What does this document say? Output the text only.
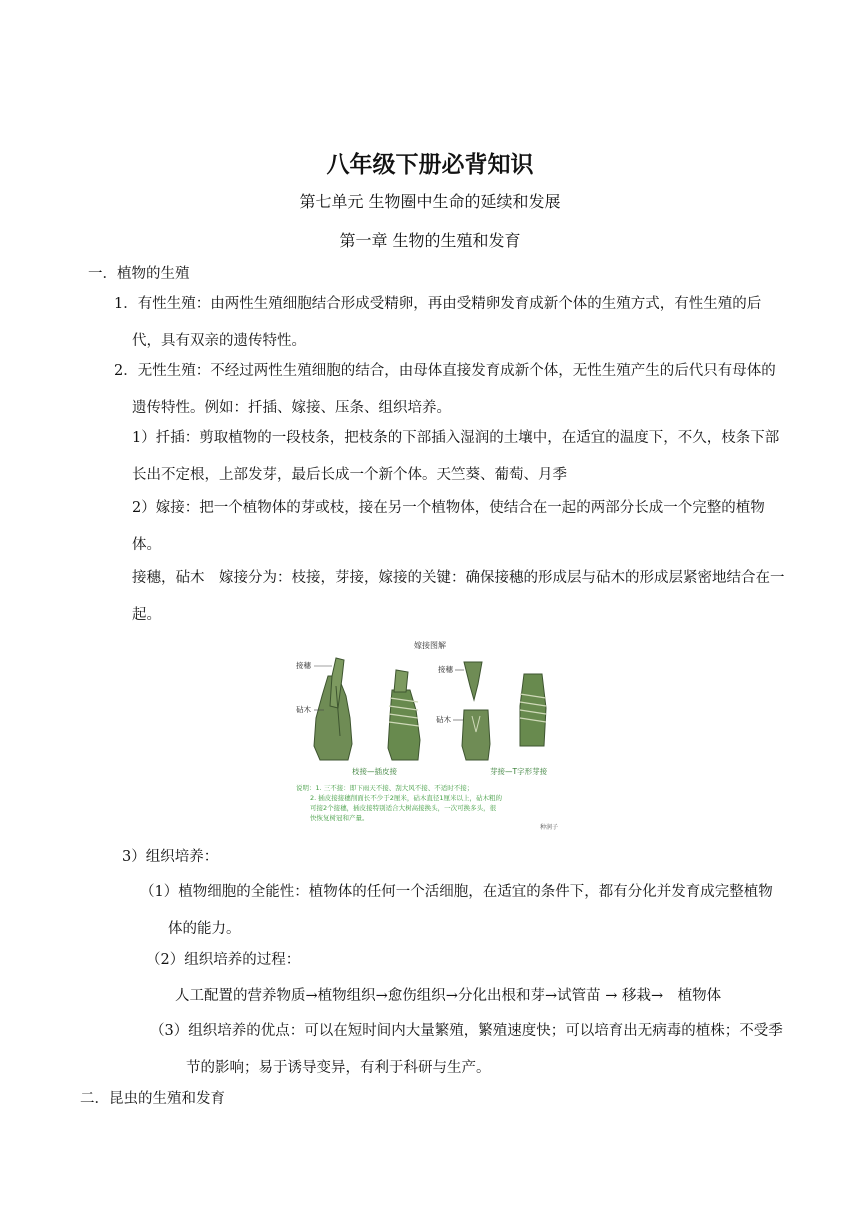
八年级下册必背知识
第七单元 生物圈中生命的延续和发展
第一章 生物的生殖和发育
一．植物的生殖
1．有性生殖：由两性生殖细胞结合形成受精卵，再由受精卵发育成新个体的生殖方式，有性生殖的后代，具有双亲的遗传特性。
2．无性生殖：不经过两性生殖细胞的结合，由母体直接发育成新个体，无性生殖产生的后代只有母体的遗传特性。例如：扦插、嫁接、压条、组织培养。
1）扦插：剪取植物的一段枝条，把枝条的下部插入湿润的土壤中，在适宜的温度下，不久，枝条下部长出不定根，上部发芽，最后长成一个新个体。天竺葵、葡萄、月季
2）嫁接：把一个植物体的芽或枝，接在另一个植物体，使结合在一起的两部分长成一个完整的植物体。
接穗，砧木　嫁接分为：枝接，芽接，嫁接的关键：确保接穗的形成层与砧木的形成层紧密地结合在一起。
嫁接图解
接穗
砧木
枝接—插皮接
接穗
砧木
芽接—T字形芽接
说明：1. 三不接：即下雨天不接、刮大风不接、不适时不接；
2. 插皮接接穗削面长不少于2厘米，砧木直径1厘米以上，砧木粗的
可接2个接穗，插皮接特别适合大树高接换头，一次可换多头，很
快恢复树冠和产量。
种润子
3）组织培养：
（1）植物细胞的全能性：植物体的任何一个活细胞，在适宜的条件下，都有分化并发育成完整植物体的能力。
（2）组织培养的过程：
人工配置的营养物质→植物组织→愈伤组织→分化出根和芽→试管苗 → 移栽→　植物体
（3）组织培养的优点：可以在短时间内大量繁殖，繁殖速度快；可以培育出无病毒的植株；不受季节的影响；易于诱导变异，有利于科研与生产。
二．昆虫的生殖和发育
